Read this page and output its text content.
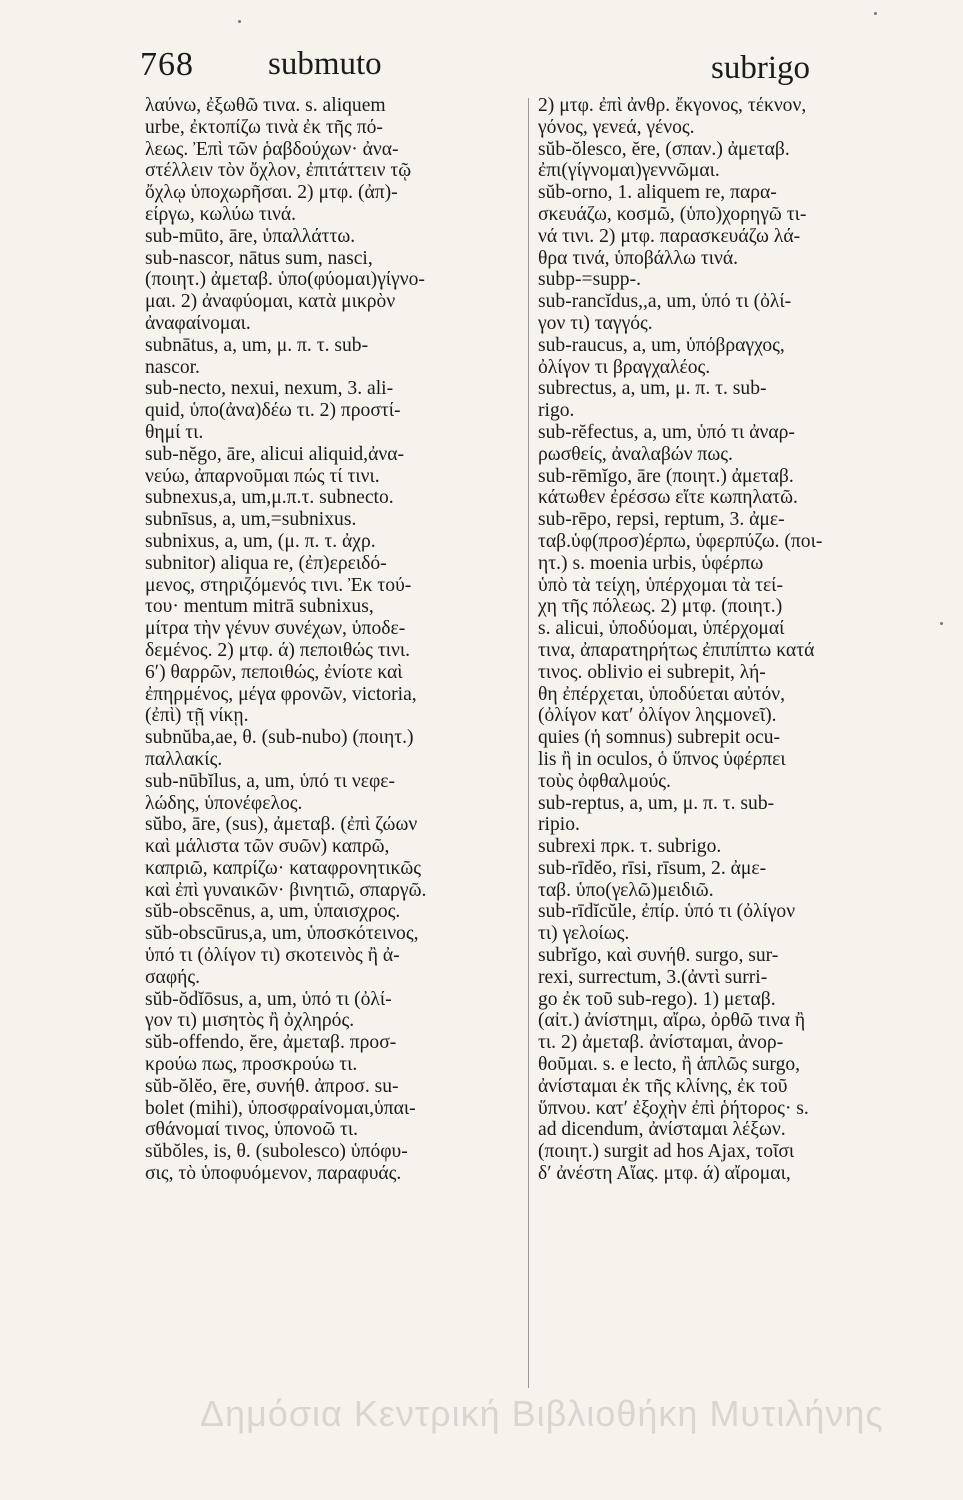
768 submuto	subrigo
λαύνω, ἐξωθῶ τινα. s. aliquem
urbe, ἐκτοπίζω τινὰ ἐκ τῆς πό-
λεως. Ἐπὶ τῶν ῥαβδούχων· ἀνα-
στέλλειν τὸν ὄχλον, ἐπιτάττειν τῷ
ὄχλῳ ὑποχωρῆσαι. 2) μτφ. (ἀπ)-
είργω, κωλύω τινά.
sub-mūto, āre, ὑπαλλάττω.
sub-nascor, nātus sum, nasci,
(ποιητ.) ἀμεταβ. ὑπο(φύομαι)γίγνο-
μαι. 2) ἀναφύομαι, κατὰ μικρὸν
ἀναφαίνομαι.
subnātus, a, um, μ. π. τ. sub-
nascor.
sub-necto, nexui, nexum, 3. ali-
quid, ὑπο(ἀνα)δέω τι. 2) προστί-
θημί τι.
sub-nĕgo, āre, alicui aliquid,ἀνα-
νεύω, ἀπαρνοῦμαι πώς τί τινι.
subnexus,a, um,μ.π.τ. subnecto.
subnīsus, a, um,=subnixus.
subnixus, a, um, (μ. π. τ. ἀχρ.
subnitor) aliqua re, (ἐπ)ερειδό-
μενος, στηριζόμενός τινι. Ἐκ τού-
του· mentum mitrā subnixus,
μίτρα τὴν γένυν συνέχων, ὑποδε-
δεμένος. 2) μτφ. ά) πεποιθώς τινι.
6ʹ) θαρρῶν, πεποιθώς, ἐνίοτε καὶ
ἐπηρμένος, μέγα φρονῶν, victoria,
(ἐπὶ) τῇ νίκῃ.
subnŭba,ae, θ. (sub-nubo) (ποιητ.)
παλλακίς.
sub-nūbĭlus, a, um, ὑπό τι νεφε-
λώδης, ὑπονέφελος.
sŭbo, āre, (sus), ἀμεταβ. (ἐπὶ ζώων
καὶ μάλιστα τῶν συῶν) καπρῶ,
καπριῶ, καπρίζω· καταφρονητικῶς
καὶ ἐπὶ γυναικῶν· βινητιῶ, σπαργῶ.
sŭb-obscēnus, a, um, ὑπαισχρος.
sŭb-obscūrus,a, um, ὑποσκότεινος,
ὑπό τι (ὀλίγον τι) σκοτεινὸς ἢ ἀ-
σαφής.
sŭb-ŏdĭōsus, a, um, ὑπό τι (ὀλί-
γον τι) μισητὸς ἢ ὀχληρός.
sŭb-offendo, ĕre, ἀμεταβ. προσ-
κρούω πως, προσκρούω τι.
sŭb-ŏlĕo, ēre, συνήθ. ἀπροσ. su-
bolet (mihi), ὑποσφραίνομαι,ὑπαι-
σθάνομαί τινος, ὑπονοῶ τι.
sŭbŏles, is, θ. (subolesco) ὑπόφυ-
σις, τὸ ὑποφυόμενον, παραφυάς.
2) μτφ. ἐπὶ ἀνθρ. ἔκγονος, τέκνον,
γόνος, γενεά, γένος.
sŭb-ŏlesco, ĕre, (σπαν.) ἀμεταβ.
ἐπι(γίγνομαι)γεννῶμαι.
sŭb-orno, 1. aliquem re, παρα-
σκευάζω, κοσμῶ, (ὑπο)χορηγῶ τι-
νά τινι. 2) μτφ. παρασκευάζω λά-
θρα τινά, ὑποβάλλω τινά.
subp-=supp-.
sub-rancĭdus,,a, um, ὑπό τι (ὀλί-
γον τι) ταγγός.
sub-raucus, a, um, ὑπόβραγχος,
ὀλίγον τι βραγχαλέος.
subrectus, a, um, μ. π. τ. sub-
rigo.
sub-rĕfectus, a, um, ὑπό τι ἀναρ-
ρωσθείς, ἀναλαβών πως.
sub-rēmĭgo, āre (ποιητ.) ἀμεταβ.
κάτωθεν ἐρέσσω εἴτε κωπηλατῶ.
sub-rēpo, repsi, reptum, 3. ἀμε-
ταβ.ὑφ(προσ)έρπω, ὑφερπύζω. (ποι-
ητ.) s. moenia urbis, ὑφέρπω
ὑπὸ τὰ τείχη, ὑπέρχομαι τὰ τεί-
χη τῆς πόλεως. 2) μτφ. (ποιητ.)
s. alicui, ὑποδύομαι, ὑπέρχομαί
τινα, ἀπαρατηρήτως ἐπιπίπτω κατά
τινος. oblivio ei subrepit, λή-
θη ἐπέρχεται, ὑποδύεται αὐτόν,
(ὀλίγον κατʹ ὀλίγον ληςμονεῖ).
quies (ἡ somnus) subrepit ocu-
lis ἢ in oculos, ὁ ὕπνος ὑφέρπει
τοὺς ὀφθαλμούς.
sub-reptus, a, um, μ. π. τ. sub-
ripio.
subrexi πρκ. τ. subrigo.
sub-rīdĕo, rīsi, rīsum, 2. ἀμε-
ταβ. ὑπο(γελῶ)μειδιῶ.
sub-rīdĭcŭle, ἐπίρ. ὑπό τι (ὀλίγον
τι) γελοίως.
subrĭgo, καὶ συνήθ. surgo, sur-
rexi, surrectum, 3.(ἀντὶ surri-
go ἐκ τοῦ sub-rego). 1) μεταβ.
(αἰτ.) ἀνίστημι, αἴρω, ὀρθῶ τινα ἢ
τι. 2) ἀμεταβ. ἀνίσταμαι, ἀνορ-
θοῦμαι. s. e lecto, ἢ ἁπλῶς surgo,
ἀνίσταμαι ἐκ τῆς κλίνης, ἐκ τοῦ
ὕπνου. κατʹ ἐξοχὴν ἐπὶ ῥήτορος· s.
ad dicendum, ἀνίσταμαι λέξων.
(ποιητ.) surgit ad hos Ajax, τοῖσι
δʹ ἀνέστη Αἴας. μτφ. ά) αἴρομαι,
Δημόσια Κεντρική Βιβλιοθήκη Μυτιλήνης
